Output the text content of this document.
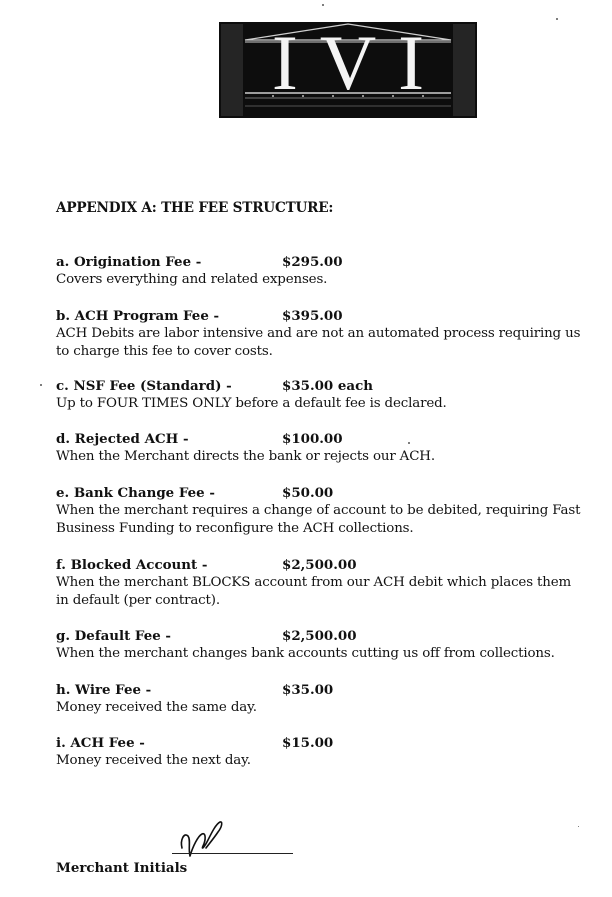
IVI
APPENDIX A: THE FEE STRUCTURE:
a. Origination Fee -	$295.00
Covers everything and related expenses.
b. ACH Program Fee -	$395.00
ACH Debits are labor intensive and are not an automated process requiring us to charge this fee to cover costs.
c. NSF Fee (Standard) -	$35.00 each
Up to FOUR TIMES ONLY before a default fee is declared.
d. Rejected ACH -	$100.00
When the Merchant directs the bank or rejects our ACH.
e. Bank Change Fee -	$50.00
When the merchant requires a change of account to be debited, requiring Fast Business Funding to reconfigure the ACH collections.
f. Blocked Account -	$2,500.00
When the merchant BLOCKS account from our ACH debit which places them in default (per contract).
g. Default Fee -	$2,500.00
When the merchant changes bank accounts cutting us off from collections.
h. Wire Fee -	$35.00
Money received the same day.
i. ACH Fee -	$15.00
Money received the next day.
Merchant Initials
